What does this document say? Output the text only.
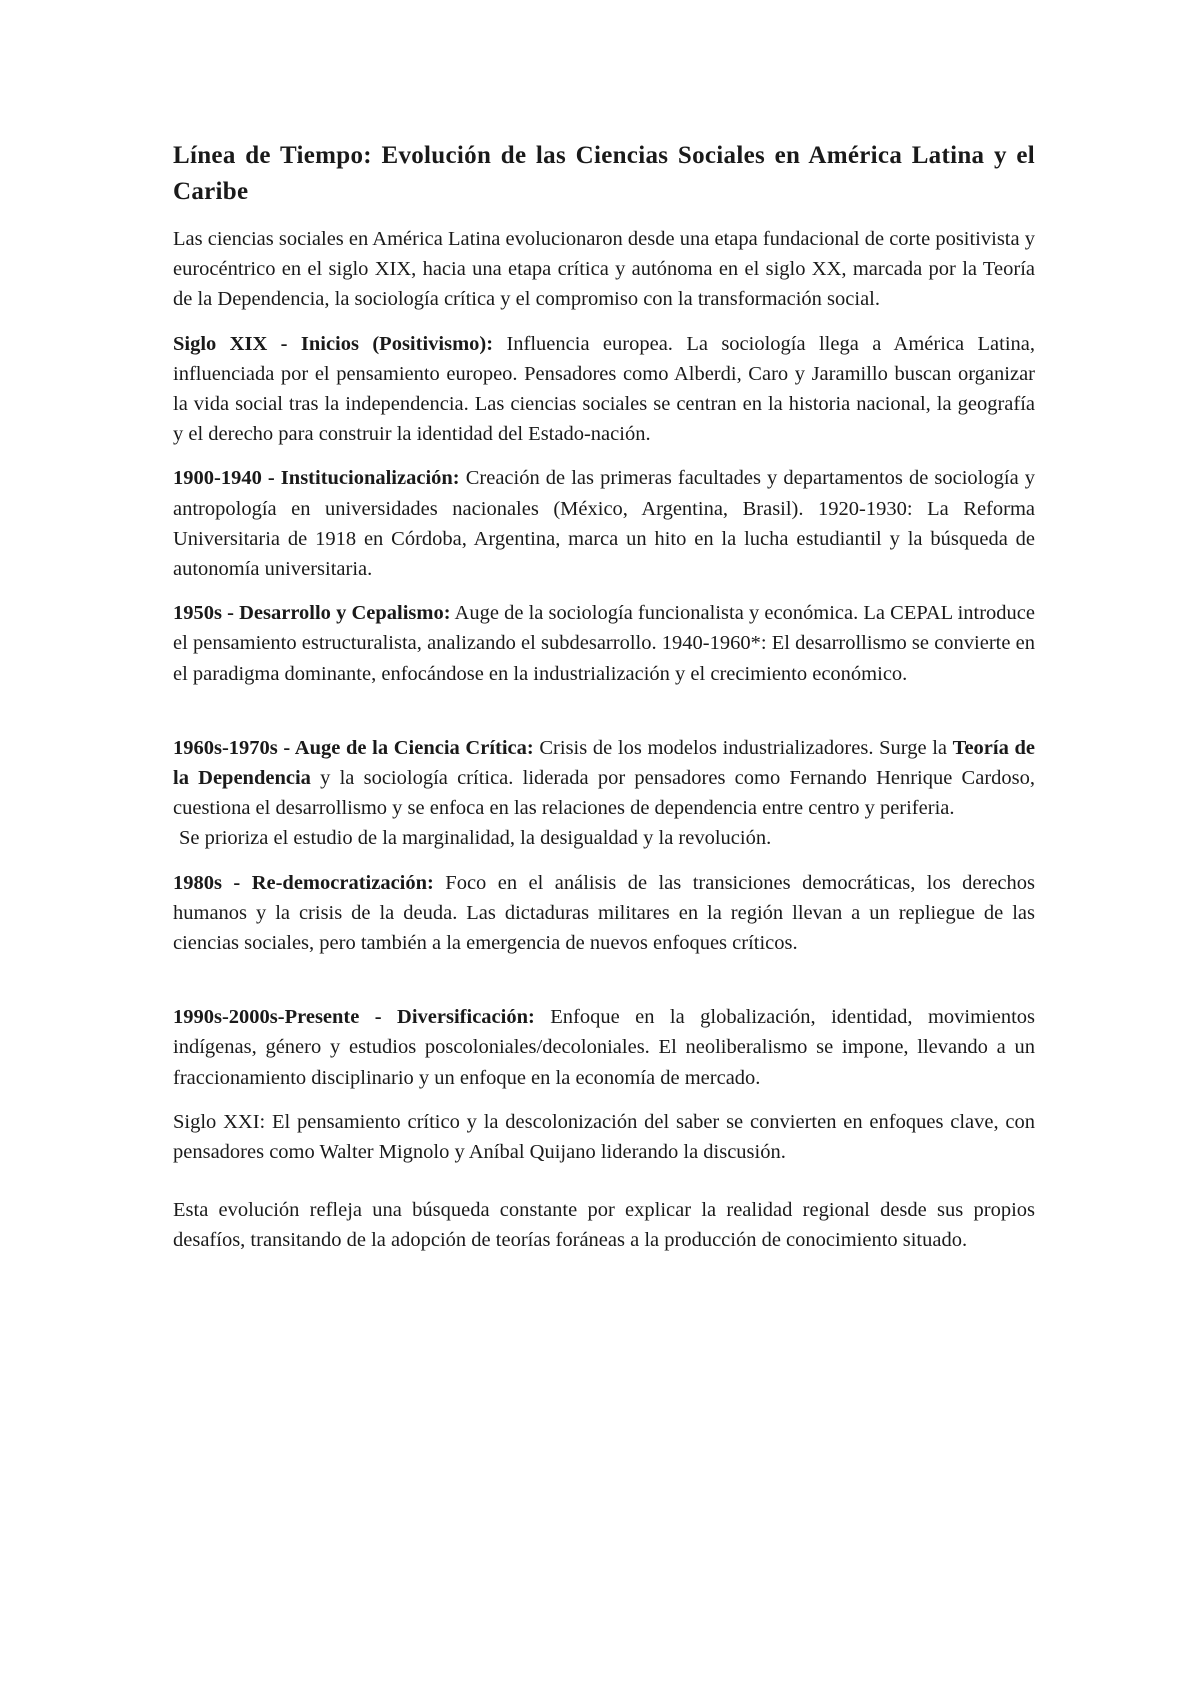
Línea de Tiempo: Evolución de las Ciencias Sociales en América Latina y el Caribe
Las ciencias sociales en América Latina evolucionaron desde una etapa fundacional de corte positivista y eurocéntrico en el siglo XIX, hacia una etapa crítica y autónoma en el siglo XX, marcada por la Teoría de la Dependencia, la sociología crítica y el compromiso con la transformación social.
Siglo XIX - Inicios (Positivismo): Influencia europea. La sociología llega a América Latina, influenciada por el pensamiento europeo. Pensadores como Alberdi, Caro y Jaramillo buscan organizar la vida social tras la independencia. Las ciencias sociales se centran en la historia nacional, la geografía y el derecho para construir la identidad del Estado-nación.
1900-1940 - Institucionalización: Creación de las primeras facultades y departamentos de sociología y antropología en universidades nacionales (México, Argentina, Brasil). 1920-1930: La Reforma Universitaria de 1918 en Córdoba, Argentina, marca un hito en la lucha estudiantil y la búsqueda de autonomía universitaria.
1950s - Desarrollo y Cepalismo: Auge de la sociología funcionalista y económica. La CEPAL introduce el pensamiento estructuralista, analizando el subdesarrollo. 1940-1960*: El desarrollismo se convierte en el paradigma dominante, enfocándose en la industrialización y el crecimiento económico.
1960s-1970s - Auge de la Ciencia Crítica: Crisis de los modelos industrializadores. Surge la Teoría de la Dependencia y la sociología crítica. liderada por pensadores como Fernando Henrique Cardoso, cuestiona el desarrollismo y se enfoca en las relaciones de dependencia entre centro y periferia.
Se prioriza el estudio de la marginalidad, la desigualdad y la revolución.
1980s - Re-democratización: Foco en el análisis de las transiciones democráticas, los derechos humanos y la crisis de la deuda. Las dictaduras militares en la región llevan a un repliegue de las ciencias sociales, pero también a la emergencia de nuevos enfoques críticos.
1990s-2000s-Presente - Diversificación: Enfoque en la globalización, identidad, movimientos indígenas, género y estudios poscoloniales/decoloniales. El neoliberalismo se impone, llevando a un fraccionamiento disciplinario y un enfoque en la economía de mercado.
Siglo XXI: El pensamiento crítico y la descolonización del saber se convierten en enfoques clave, con pensadores como Walter Mignolo y Aníbal Quijano liderando la discusión.
Esta evolución refleja una búsqueda constante por explicar la realidad regional desde sus propios desafíos, transitando de la adopción de teorías foráneas a la producción de conocimiento situado.
